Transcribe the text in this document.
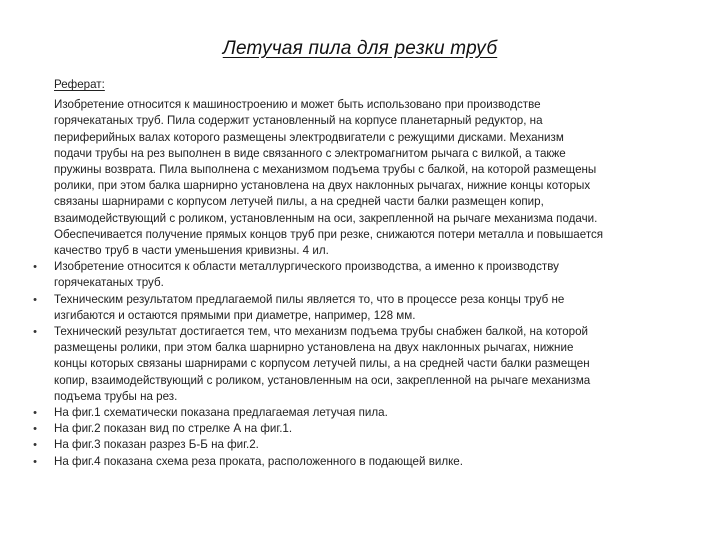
Летучая пила для резки труб
Реферат:
Изобретение относится к машиностроению и может быть использовано при производстве
горячекатаных труб. Пила содержит установленный на корпусе планетарный редуктор, на
периферийных валах которого размещены электродвигатели с режущими дисками. Механизм
подачи трубы на рез выполнен в виде связанного с электромагнитом рычага с вилкой, а также
пружины возврата. Пила выполнена с механизмом подъема трубы с балкой, на которой размещены
ролики, при этом балка шарнирно установлена на двух наклонных рычагах, нижние концы которых
связаны шарнирами с корпусом летучей пилы, а на средней части балки размещен копир,
взаимодействующий с роликом, установленным на оси, закрепленной на рычаге механизма подачи.
Обеспечивается получение прямых концов труб при резке, снижаются потери металла и повышается
качество труб в части уменьшения кривизны. 4 ил.
• Изобретение относится к области металлургического производства, а именно к производству
горячекатаных труб.
• Техническим результатом предлагаемой пилы является то, что в процессе реза концы труб не
изгибаются и остаются прямыми при диаметре, например, 128 мм.
• Технический результат достигается тем, что механизм подъема трубы снабжен балкой, на которой
размещены ролики, при этом балка шарнирно установлена на двух наклонных рычагах, нижние
концы которых связаны шарнирами с корпусом летучей пилы, а на средней части балки размещен
копир, взаимодействующий с роликом, установленным на оси, закрепленной на рычаге механизма
подъема трубы на рез.
• На фиг.1 схематически показана предлагаемая летучая пила.
• На фиг.2 показан вид по стрелке А на фиг.1.
• На фиг.3 показан разрез Б-Б на фиг.2.
• На фиг.4 показана схема реза проката, расположенного в подающей вилке.
